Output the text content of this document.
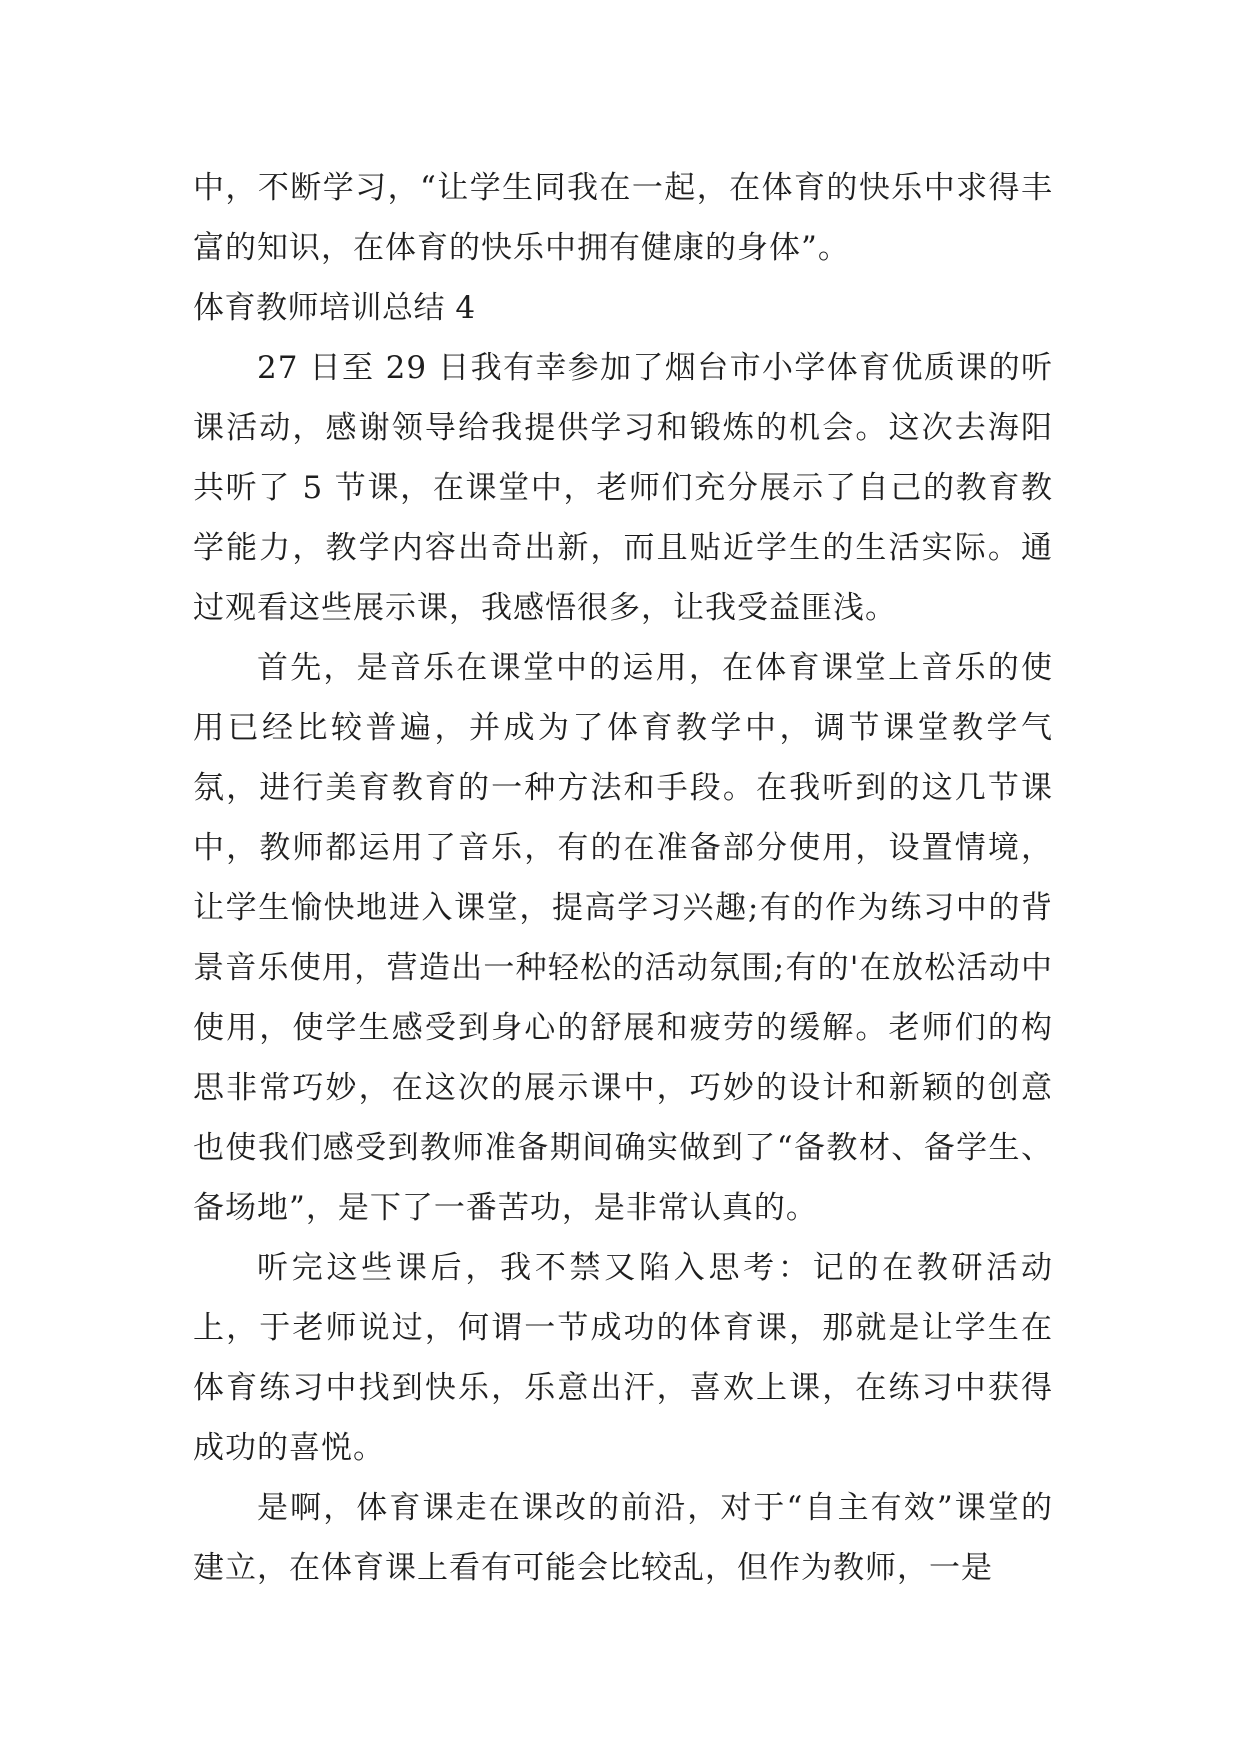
中，不断学习，“让学生同我在一起，在体育的快乐中求得丰富的知识，在体育的快乐中拥有健康的身体”。

体育教师培训总结 4

27 日至 29 日我有幸参加了烟台市小学体育优质课的听课活动，感谢领导给我提供学习和锻炼的机会。这次去海阳共听了 5 节课，在课堂中，老师们充分展示了自己的教育教学能力，教学内容出奇出新，而且贴近学生的生活实际。通过观看这些展示课，我感悟很多，让我受益匪浅。

首先，是音乐在课堂中的运用，在体育课堂上音乐的使用已经比较普遍，并成为了体育教学中，调节课堂教学气氛，进行美育教育的一种方法和手段。在我听到的这几节课中，教师都运用了音乐，有的在准备部分使用，设置情境，让学生愉快地进入课堂，提高学习兴趣;有的作为练习中的背景音乐使用，营造出一种轻松的活动氛围;有的'在放松活动中使用，使学生感受到身心的舒展和疲劳的缓解。老师们的构思非常巧妙，在这次的展示课中，巧妙的设计和新颖的创意也使我们感受到教师准备期间确实做到了“备教材、备学生、备场地”，是下了一番苦功，是非常认真的。

听完这些课后，我不禁又陷入思考：记的在教研活动上，于老师说过，何谓一节成功的体育课，那就是让学生在体育练习中找到快乐，乐意出汗，喜欢上课，在练习中获得成功的喜悦。

是啊，体育课走在课改的前沿，对于“自主有效”课堂的建立，在体育课上看有可能会比较乱，但作为教师，一是
